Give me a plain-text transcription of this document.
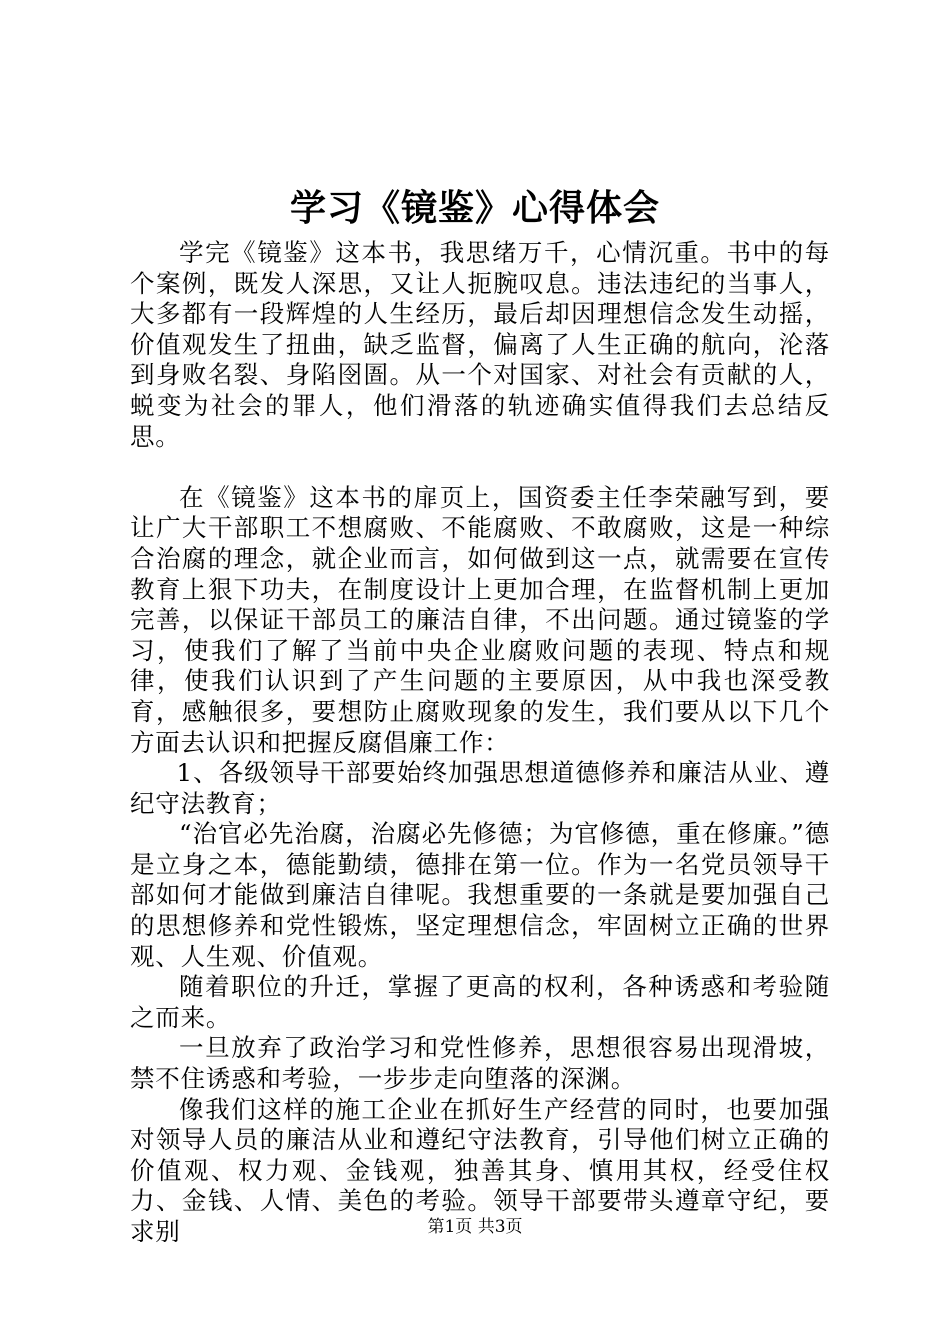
学习《镜鉴》心得体会

学完《镜鉴》这本书，我思绪万千，心情沉重。书中的每个案例，既发人深思，又让人扼腕叹息。违法违纪的当事人，大多都有一段辉煌的人生经历，最后却因理想信念发生动摇，价值观发生了扭曲，缺乏监督，偏离了人生正确的航向，沦落到身败名裂、身陷囹圄。从一个对国家、对社会有贡献的人，蜕变为社会的罪人，他们滑落的轨迹确实值得我们去总结反思。

在《镜鉴》这本书的扉页上，国资委主任李荣融写到，要让广大干部职工不想腐败、不能腐败、不敢腐败，这是一种综合治腐的理念，就企业而言，如何做到这一点，就需要在宣传教育上狠下功夫，在制度设计上更加合理，在监督机制上更加完善，以保证干部员工的廉洁自律，不出问题。通过镜鉴的学习，使我们了解了当前中央企业腐败问题的表现、特点和规律，使我们认识到了产生问题的主要原因，从中我也深受教育，感触很多，要想防止腐败现象的发生，我们要从以下几个方面去认识和把握反腐倡廉工作：

1、各级领导干部要始终加强思想道德修养和廉洁从业、遵纪守法教育；

“治官必先治腐，治腐必先修德；为官修德，重在修廉。”德是立身之本，德能勤绩，德排在第一位。作为一名党员领导干部如何才能做到廉洁自律呢。我想重要的一条就是要加强自己的思想修养和党性锻炼，坚定理想信念，牢固树立正确的世界观、人生观、价值观。

随着职位的升迁，掌握了更高的权利，各种诱惑和考验随之而来。

一旦放弃了政治学习和党性修养，思想很容易出现滑坡，禁不住诱惑和考验，一步步走向堕落的深渊。

像我们这样的施工企业在抓好生产经营的同时，也要加强对领导人员的廉洁从业和遵纪守法教育，引导他们树立正确的价值观、权力观、金钱观，独善其身、慎用其权，经受住权力、金钱、人情、美色的考验。领导干部要带头遵章守纪，要求别	第1页 共3页
